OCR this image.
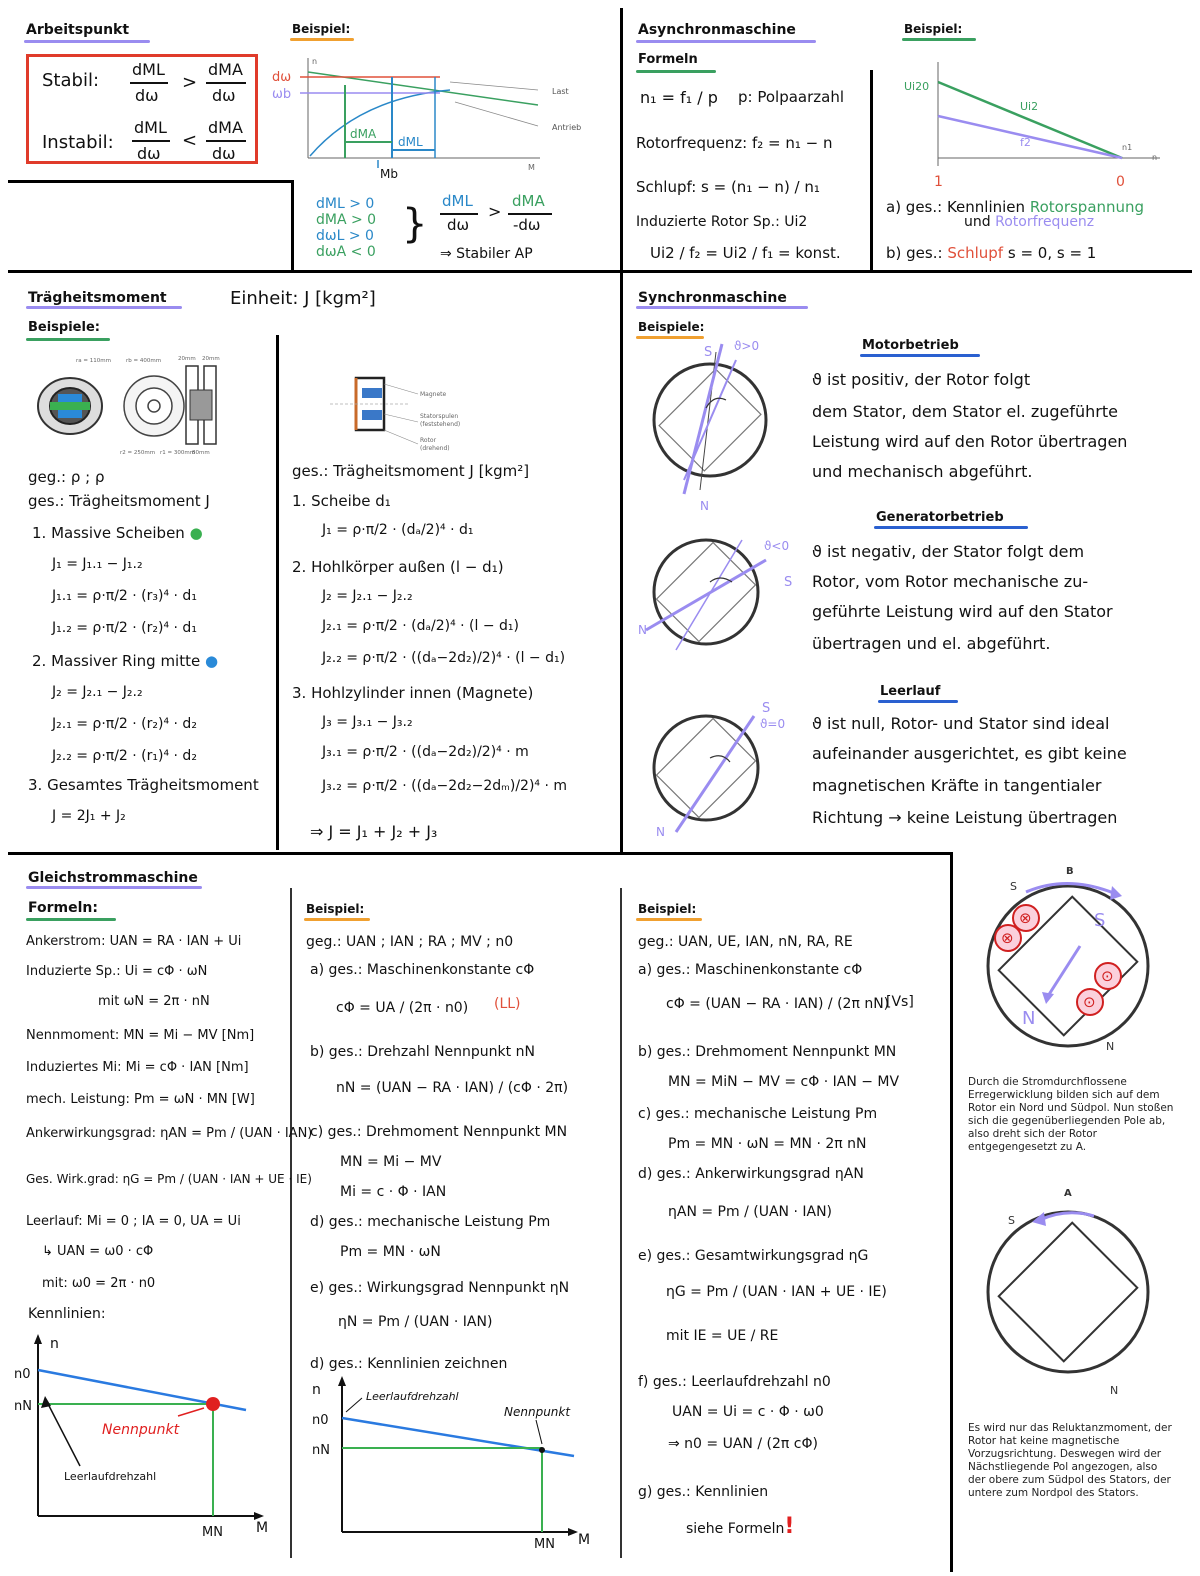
Arbeitspunkt
Stabil:
dML
dω
>
dMA
dω
Instabil:
dML
dω
<
dMA
dω
Beispiel:
n
M
Last
Antrieb
dω
ωb
dMA
dML
Mb
dML > 0
dMA > 0
dωL > 0
dωA < 0
} dML
dω
>
dMA
-dω
⇒ Stabiler AP
Asynchronmaschine
Formeln
n₁ = f₁ / p p: Polpaarzahl
Rotorfrequenz: f₂ = n₁ − n
Schlupf: s = (n₁ − n) / n₁
Induzierte Rotor Sp.: Ui2
Ui2 / f₂ = Ui2 / f₁ = konst.
Beispiel:
n
Ui20
Ui2
f2
1	0
n1
a) ges.: Kennlinien Rotorspannung
und Rotorfrequenz
b) ges.: Schlupf s = 0, s = 1
Trägheitsmoment	Einheit: J [kgm²]
Beispiele:
rb = 400mm
r2 = 250mm r1 = 300mm
ra = 110mm	20mm 20mm
80mm
geg.: ρ ; ρ
ges.: Trägheitsmoment J
1. Massive Scheiben ●
J₁ = J₁.₁ − J₁.₂
J₁.₁ = ρ·π/2 · (r₃)⁴ · d₁
J₁.₂ = ρ·π/2 · (r₂)⁴ · d₁
2. Massiver Ring mitte ●
J₂ = J₂.₁ − J₂.₂
J₂.₁ = ρ·π/2 · (r₂)⁴ · d₂
J₂.₂ = ρ·π/2 · (r₁)⁴ · d₂
3. Gesamtes Trägheitsmoment
J = 2J₁ + J₂
Magnete
Statorspulen
(feststehend)
Rotor
(drehend)
ges.: Trägheitsmoment J [kgm²]
1. Scheibe d₁
J₁ = ρ·π/2 · (dₐ/2)⁴ · d₁
2. Hohlkörper außen (l − d₁)
J₂ = J₂.₁ − J₂.₂
J₂.₁ = ρ·π/2 · (dₐ/2)⁴ · (l − d₁)
J₂.₂ = ρ·π/2 · ((dₐ−2d₂)/2)⁴ · (l − d₁)
3. Hohlzylinder innen (Magnete)
J₃ = J₃.₁ − J₃.₂
J₃.₁ = ρ·π/2 · ((dₐ−2d₂)/2)⁴ · m
J₃.₂ = ρ·π/2 · ((dₐ−2d₂−2dₘ)/2)⁴ · m
⇒ J = J₁ + J₂ + J₃
Synchronmaschine
Beispiele:
S
N
ϑ>0
S
N
ϑ<0
S
N
ϑ=0
Motorbetrieb
ϑ ist positiv, der Rotor folgt
dem Stator, dem Stator el. zugeführte
Leistung wird auf den Rotor übertragen
und mechanisch abgeführt.
Generatorbetrieb
ϑ ist negativ, der Stator folgt dem
Rotor, vom Rotor mechanische zu-
geführte Leistung wird auf den Stator
übertragen und el. abgeführt.
Leerlauf
ϑ ist null, Rotor- und Stator sind ideal
aufeinander ausgerichtet, es gibt keine
magnetischen Kräfte in tangentialer
Richtung → keine Leistung übertragen
Gleichstrommaschine
Formeln:
Ankerstrom: UAN = RA · IAN + Ui
Induzierte Sp.: Ui = cΦ · ωN
mit ωN = 2π · nN
Nennmoment: MN = Mi − MV [Nm]
Induziertes Mi: Mi = cΦ · IAN [Nm]
mech. Leistung: Pm = ωN · MN [W]
Ankerwirkungsgrad: ηAN = Pm / (UAN · IAN)
Ges. Wirk.grad: ηG = Pm / (UAN · IAN + UE · IE)
Leerlauf: Mi = 0 ; IA = 0, UA = Ui
↳ UAN = ω0 · cΦ
mit: ω0 = 2π · n0
Kennlinien:
n
n0
nN
Nennpunkt
Leerlaufdrehzahl
MN M
Beispiel:
geg.: UAN ; IAN ; RA ; MV ; n0
a) ges.: Maschinenkonstante cΦ
cΦ = UA / (2π · n0) (LL)
b) ges.: Drehzahl Nennpunkt nN
nN = (UAN − RA · IAN) / (cΦ · 2π)
c) ges.: Drehmoment Nennpunkt MN
MN = Mi − MV
Mi = c · Φ · IAN
d) ges.: mechanische Leistung Pm
Pm = MN · ωN
e) ges.: Wirkungsgrad Nennpunkt ηN
ηN = Pm / (UAN · IAN)
d) ges.: Kennlinien zeichnen
n
n0
nN
Nennpunkt
Leerlaufdrehzahl
MN M
Beispiel:
geg.: UAN, UE, IAN, nN, RA, RE
a) ges.: Maschinenkonstante cΦ
cΦ = (UAN − RA · IAN) / (2π nN)
[Vs]
b) ges.: Drehmoment Nennpunkt MN
MN = MiN − MV = cΦ · IAN − MV
c) ges.: mechanische Leistung Pm
Pm = MN · ωN = MN · 2π nN
d) ges.: Ankerwirkungsgrad ηAN
ηAN = Pm / (UAN · IAN)
e) ges.: Gesamtwirkungsgrad ηG
ηG = Pm / (UAN · IAN + UE · IE)
mit IE = UE / RE
f) ges.: Leerlaufdrehzahl n0
UAN = Ui = c · Φ · ω0
⇒ n0 = UAN / (2π cΦ)
g) ges.: Kennlinien
siehe Formeln!
⊗
⊗
⊙
⊙
B
S
S
N
N
Durch die Stromdurchflossene Erregerwicklung bilden sich auf dem Rotor ein Nord und Südpol. Nun stoßen sich die gegenüberliegenden Pole ab, also dreht sich der Rotor entgegengesetzt zu A.
A
S
N
Es wird nur das Reluktanzmoment, der Rotor hat keine magnetische Vorzugsrichtung. Deswegen wird der Nächstliegende Pol angezogen, also der obere zum Südpol des Stators, der untere zum Nordpol des Stators.
